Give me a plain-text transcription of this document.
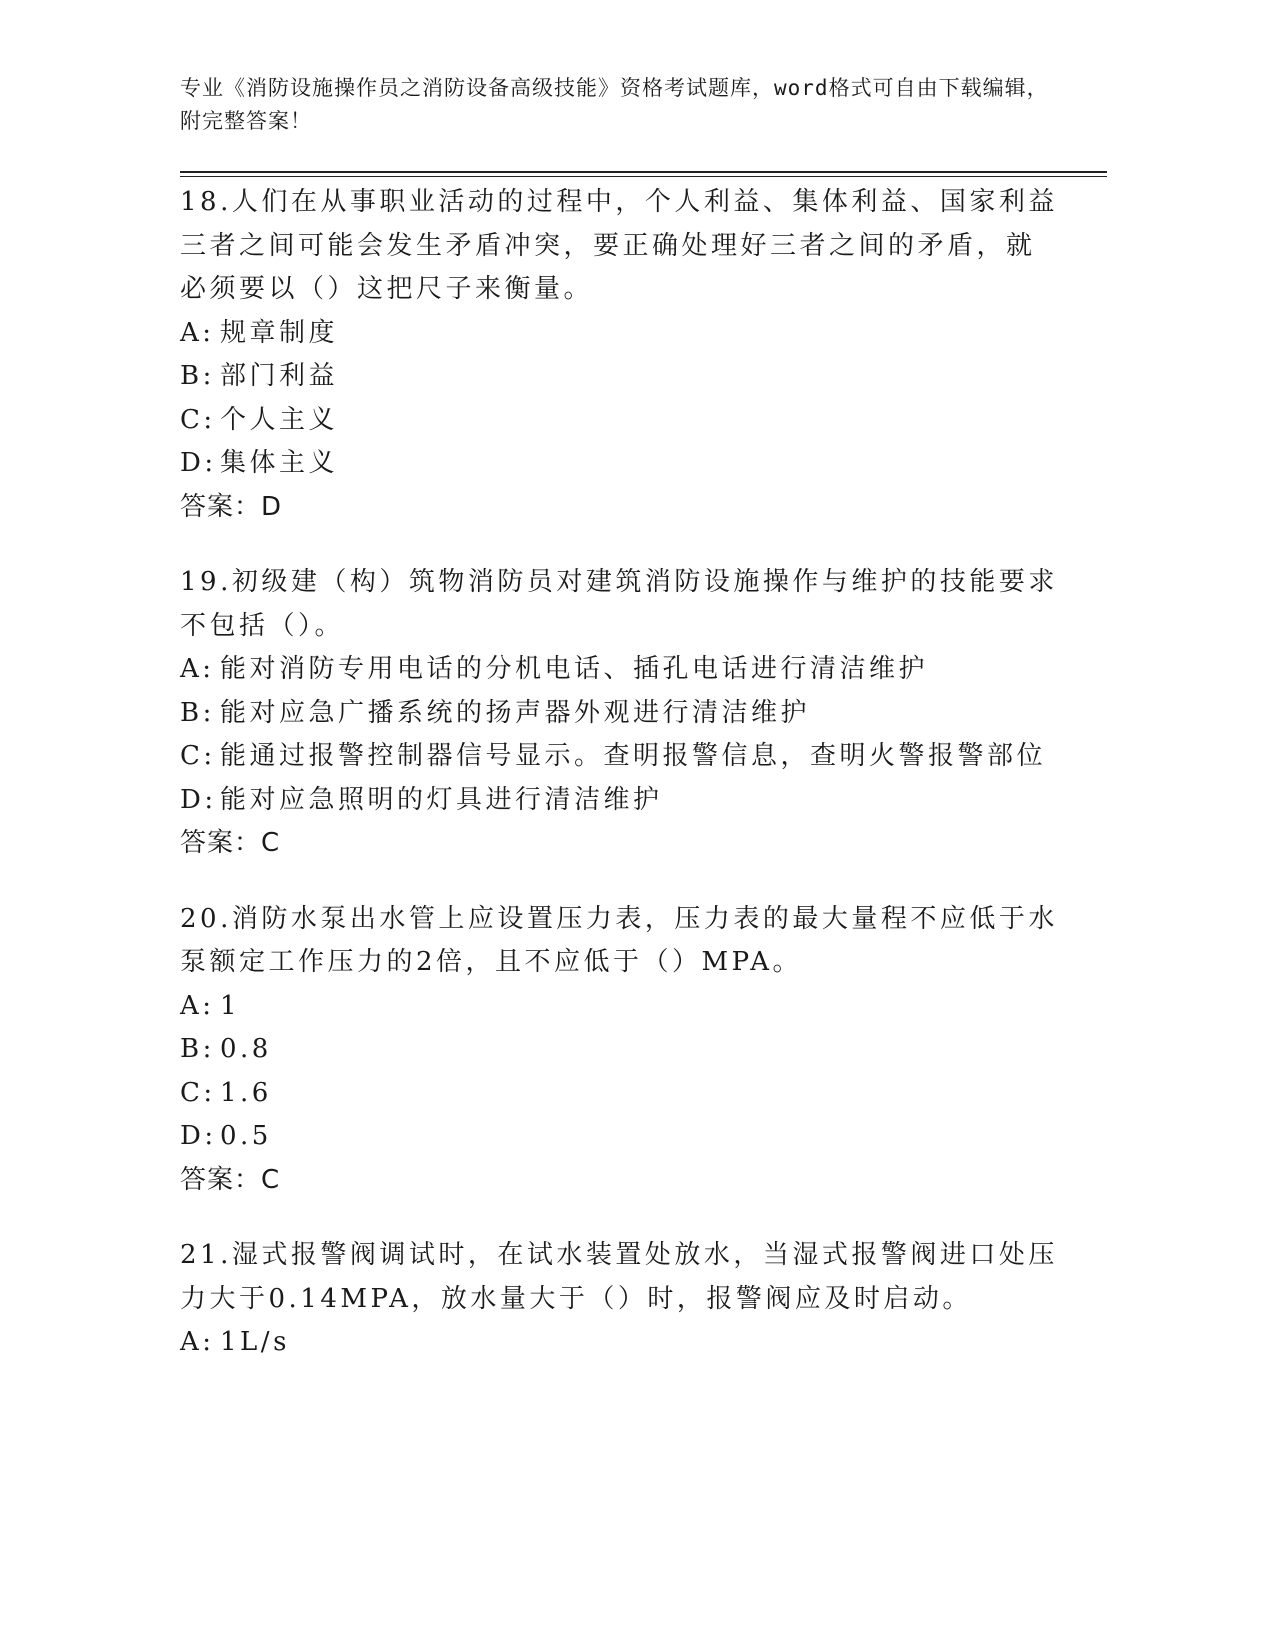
专业《消防设施操作员之消防设备高级技能》资格考试题库，word格式可自由下载编辑，附完整答案！
18.人们在从事职业活动的过程中，个人利益、集体利益、国家利益三者之间可能会发生矛盾冲突，要正确处理好三者之间的矛盾，就必须要以（）这把尺子来衡量。
A: 规章制度
B: 部门利益
C: 个人主义
D: 集体主义
答案：D
19.初级建（构）筑物消防员对建筑消防设施操作与维护的技能要求不包括（）。
A: 能对消防专用电话的分机电话、插孔电话进行清洁维护
B: 能对应急广播系统的扬声器外观进行清洁维护
C: 能通过报警控制器信号显示。查明报警信息，查明火警报警部位
D: 能对应急照明的灯具进行清洁维护
答案：C
20.消防水泵出水管上应设置压力表，压力表的最大量程不应低于水泵额定工作压力的2倍，且不应低于（）MPA。
A: 1
B: 0.8
C: 1.6
D: 0.5
答案：C
21.湿式报警阀调试时，在试水装置处放水，当湿式报警阀进口处压力大于0.14MPA，放水量大于（）时，报警阀应及时启动。
A: 1L/s
